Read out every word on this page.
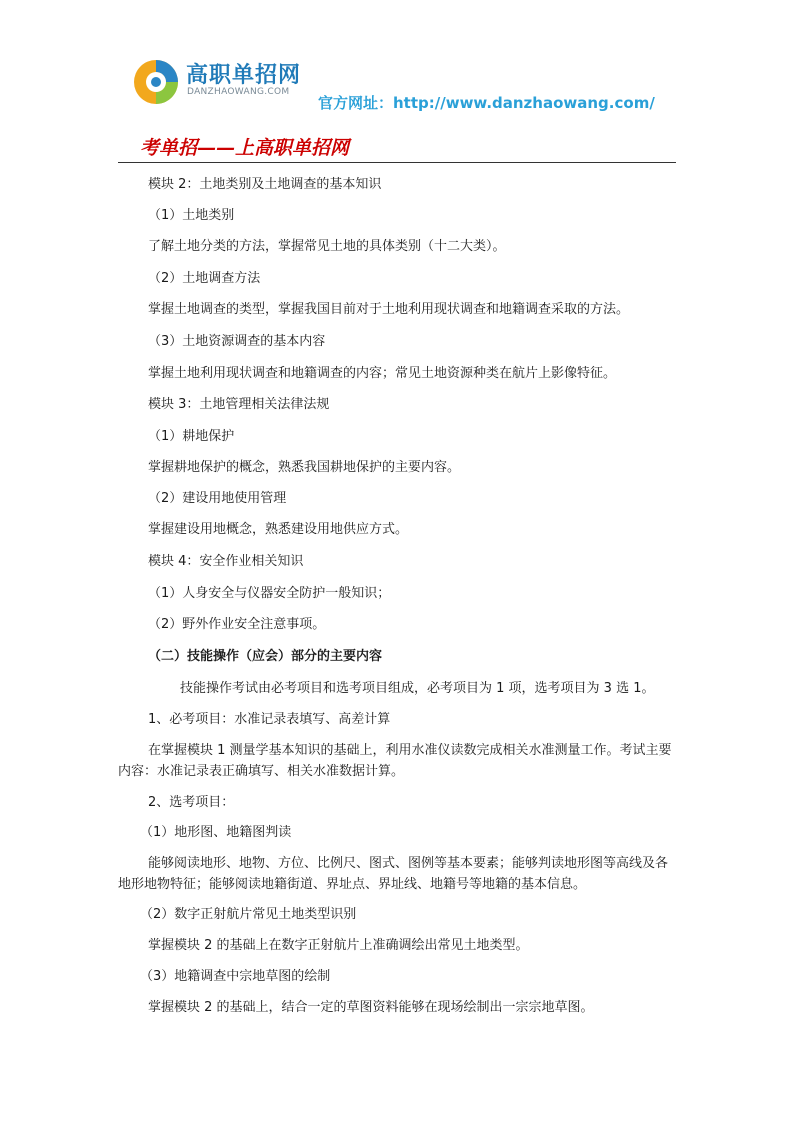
高职单招网
DANZHAOWANG.COM
官方网址：http://www.danzhaowang.com/
考单招——上高职单招网
模块 2：土地类别及土地调查的基本知识
（1）土地类别
了解土地分类的方法，掌握常见土地的具体类别（十二大类）。
（2）土地调查方法
掌握土地调查的类型，掌握我国目前对于土地利用现状调查和地籍调查采取的方法。
（3）土地资源调查的基本内容
掌握土地利用现状调查和地籍调查的内容；常见土地资源种类在航片上影像特征。
模块 3：土地管理相关法律法规
（1）耕地保护
掌握耕地保护的概念，熟悉我国耕地保护的主要内容。
（2）建设用地使用管理
掌握建设用地概念，熟悉建设用地供应方式。
模块 4：安全作业相关知识
（1）人身安全与仪器安全防护一般知识；
（2）野外作业安全注意事项。
（二）技能操作（应会）部分的主要内容
技能操作考试由必考项目和选考项目组成，必考项目为 1 项，选考项目为 3 选 1。
1、必考项目：水准记录表填写、高差计算
在掌握模块 1 测量学基本知识的基础上，利用水准仪读数完成相关水准测量工作。考试主要内容：水准记录表正确填写、相关水准数据计算。
2、选考项目：
（1）地形图、地籍图判读
能够阅读地形、地物、方位、比例尺、图式、图例等基本要素；能够判读地形图等高线及各地形地物特征；能够阅读地籍街道、界址点、界址线、地籍号等地籍的基本信息。
（2）数字正射航片常见土地类型识别
掌握模块 2 的基础上在数字正射航片上准确调绘出常见土地类型。
（3）地籍调查中宗地草图的绘制
掌握模块 2 的基础上，结合一定的草图资料能够在现场绘制出一宗宗地草图。
